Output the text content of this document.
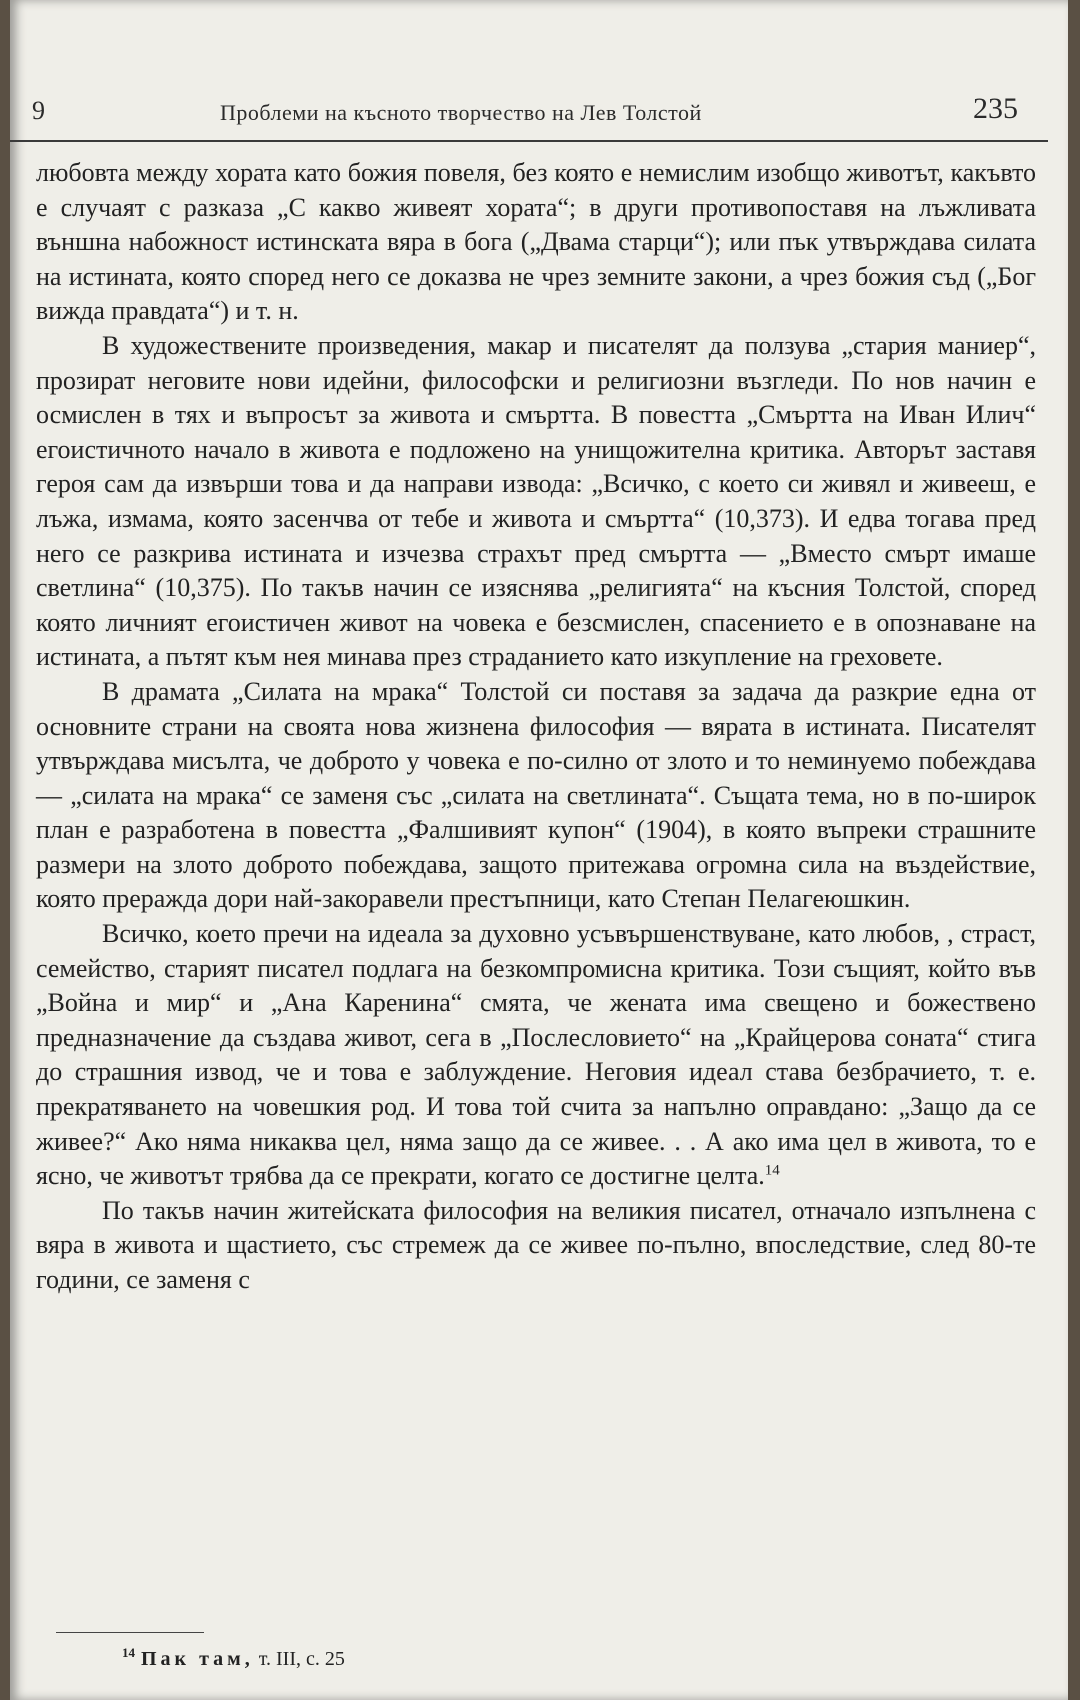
9	Проблеми на късното творчество на Лев Толстой	235

любовта между хората като божия повеля, без която е немислим изобщо животът, какъвто е случаят с разказа „С какво живеят хората“; в други противопоставя на лъжливата външна набожност истинската вяра в бога („Двама старци“); или пък утвърждава силата на истината, която според него се доказва не чрез земните закони, а чрез божия съд („Бог вижда правдата“) и т. н.

В художествените произведения, макар и писателят да ползува „стария маниер“, прозират неговите нови идейни, философски и религиозни възгледи. По нов начин е осмислен в тях и въпросът за живота и смъртта. В повестта „Смъртта на Иван Илич“ егоистичното начало в живота е подложено на унищожителна критика. Авторът заставя героя сам да извърши това и да направи извода: „Всичко, с което си живял и живееш, е лъжа, измама, която засенчва от тебе и живота и смъртта“ (10,373). И едва тогава пред него се разкрива истината и изчезва страхът пред смъртта — „Вместо смърт имаше светлина“ (10,375). По такъв начин се изяснява „религията“ на късния Толстой, според която личният егоистичен живот на човека е безсмислен, спасението е в опознаване на истината, а пътят към нея минава през страданието като изкупление на греховете.

В драмата „Силата на мрака“ Толстой си поставя за задача да разкрие една от основните страни на своята нова жизнена философия — вярата в истината. Писателят утвърждава мисълта, че доброто у човека е по-силно от злото и то неминуемо побеждава — „силата на мрака“ се заменя със „силата на светлината“. Същата тема, но в по-широк план е разработена в повестта „Фалшивият купон“ (1904), в която въпреки страшните размери на злото доброто побеждава, защото притежава огромна сила на въздействие, която преражда дори най-закоравели престъпници, като Степан Пелагеюшкин.

Всичко, което пречи на идеала за духовно усъвършенствуване, като любов, , страст, семейство, старият писател подлага на безкомпромисна критика. Този същият, който във „Война и мир“ и „Ана Каренина“ смята, че жената има свещено и божествено предназначение да създава живот, сега в „Послесловието“ на „Крайцерова соната“ стига до страшния извод, че и това е заблуждение. Неговия идеал става безбрачието, т. е. прекратяването на човешкия род. И това той счита за напълно оправдано: „Защо да се живее?“ Ако няма никаква цел, няма защо да се живее. . . А ако има цел в живота, то е ясно, че животът трябва да се прекрати, когато се достигне целта.$^{14}$

По такъв начин житейската философия на великия писател, отначало изпълнена с вяра в живота и щастието, със стремеж да се живее по-пълно, впоследствие, след 80-те години, се заменя с

$^{14}$ Пак там, т. III, с. 25
